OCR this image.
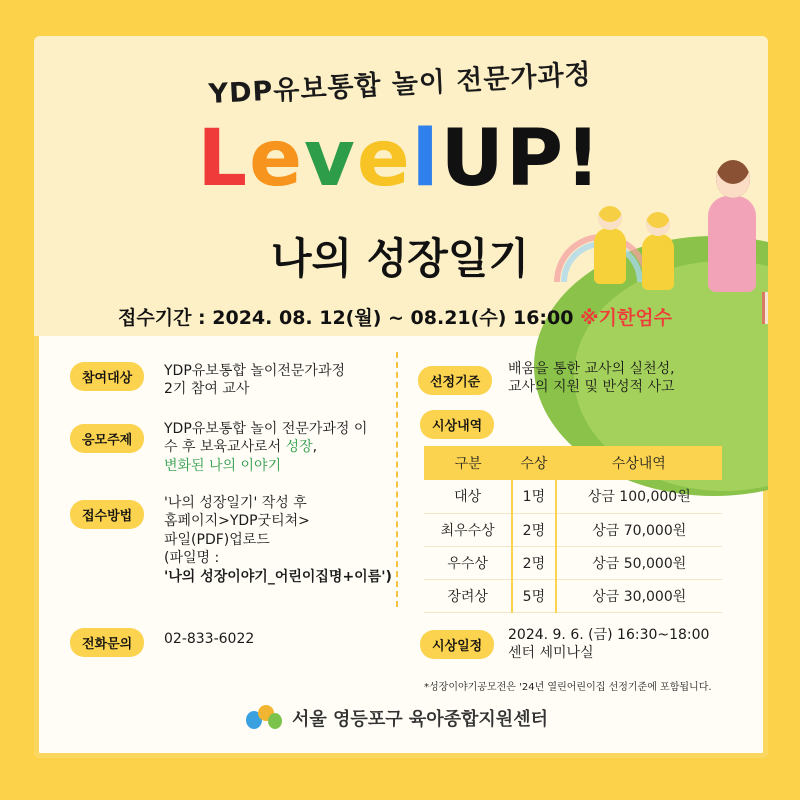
YDP유보통합 놀이 전문가과정
LevelUP!
나의 성장일기
접수기간 : 2024. 08. 12(월) ~ 08.21(수) 16:00 ※기한엄수
참여대상	YDP유보통합 놀이전문가과정
2기 참여 교사
응모주제
YDP유보통합 놀이 전문가과정 이
수 후 보육교사로서 성장,
변화된 나의 이야기
접수방법
'나의 성장일기' 작성 후
홈페이지>YDP굿티쳐>
파일(PDF)업로드
(파일명 :
'나의 성장이야기_어린이집명+이름')
전화문의	02-833-6022
선정기준
배움을 통한 교사의 실천성,
교사의 지원 및 반성적 사고
시상내역
구분	수상	수상내역
대상	1명	상금 100,000원
최우수상	2명	상금 70,000원
우수상	2명	상금 50,000원
장려상	5명	상금 30,000원
시상일정
2024. 9. 6. (금) 16:30~18:00
센터 세미나실
*성장이야기공모전은 '24년 열린어린이집 선정기준에 포함됩니다.
서울 영등포구 육아종합지원센터
